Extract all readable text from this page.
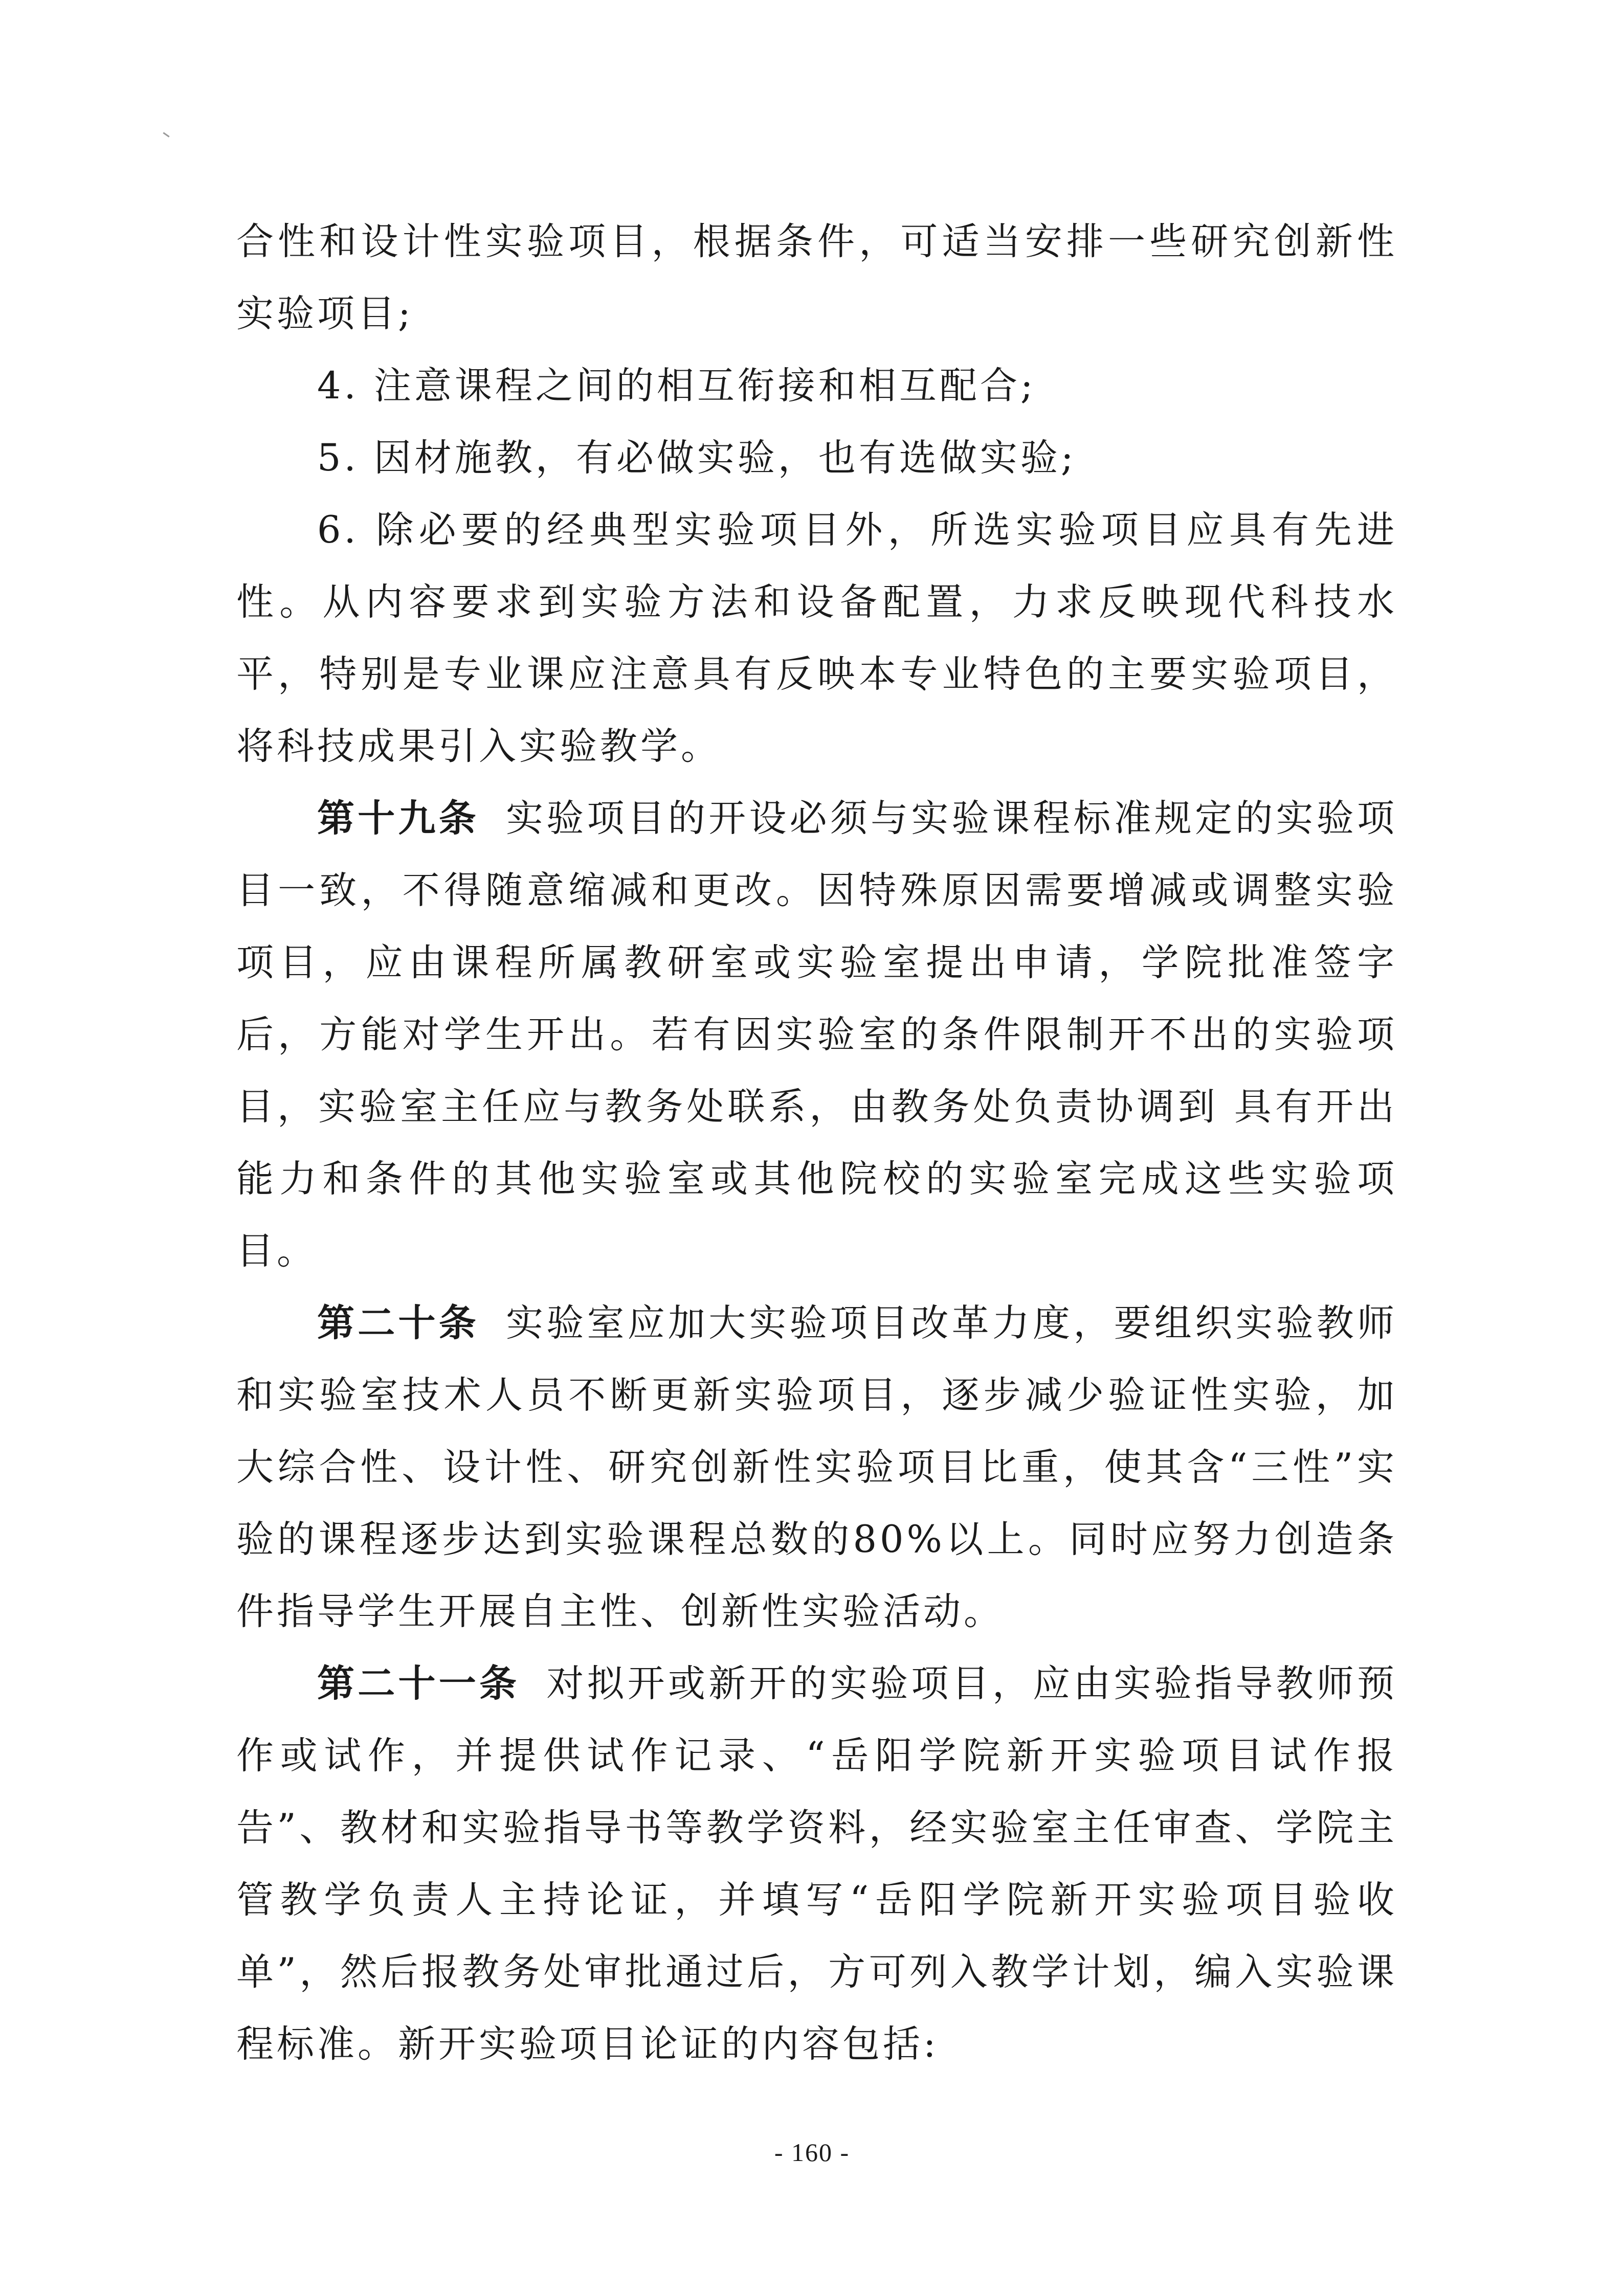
合性和设计性实验项目，根据条件，可适当安排一些研究创新性实验项目;

4. 注意课程之间的相互衔接和相互配合;

5. 因材施教，有必做实验，也有选做实验;

6. 除必要的经典型实验项目外，所选实验项目应具有先进性。从内容要求到实验方法和设备配置，力求反映现代科技水平，特别是专业课应注意具有反映本专业特色的主要实验项目，将科技成果引入实验教学。

第十九条 实验项目的开设必须与实验课程标准规定的实验项目一致，不得随意缩减和更改。因特殊原因需要增减或调整实验项目，应由课程所属教研室或实验室提出申请，学院批准签字后，方能对学生开出。若有因实验室的条件限制开不出的实验项目，实验室主任应与教务处联系，由教务处负责协调到 具有开出能力和条件的其他实验室或其他院校的实验室完成这些实验项目。

第二十条 实验室应加大实验项目改革力度，要组织实验教师和实验室技术人员不断更新实验项目，逐步减少验证性实验，加大综合性、设计性、研究创新性实验项目比重，使其含“三性”实验的课程逐步达到实验课程总数的80%以上。同时应努力创造条件指导学生开展自主性、创新性实验活动。

第二十一条 对拟开或新开的实验项目，应由实验指导教师预作或试作，并提供试作记录、“岳阳学院新开实验项目试作报告”、教材和实验指导书等教学资料，经实验室主任审查、学院主管教学负责人主持论证，并填写“岳阳学院新开实验项目验收单”，然后报教务处审批通过后，方可列入教学计划，编入实验课程标准。新开实验项目论证的内容包括:

- 160 -
